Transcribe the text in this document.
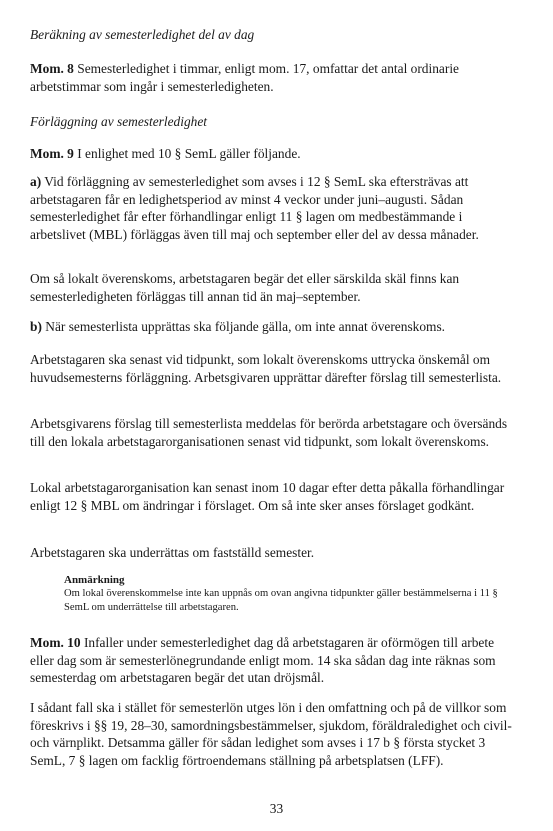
Beräkning av semesterledighet del av dag

Mom. 8 Semesterledighet i timmar, enligt mom. 17, omfattar det antal ordinarie arbetstimmar som ingår i semesterledigheten.

Förläggning av semesterledighet

Mom. 9 I enlighet med 10 § SemL gäller följande.

a) Vid förläggning av semesterledighet som avses i 12 § SemL ska eftersträvas att arbetstagaren får en ledighetsperiod av minst 4 veckor under juni–augusti. Sådan semesterledighet får efter förhandlingar enligt 11 § lagen om medbestämmande i arbetslivet (MBL) förläggas även till maj och september eller del av dessa månader.

Om så lokalt överenskoms, arbetstagaren begär det eller särskilda skäl finns kan semesterledigheten förläggas till annan tid än maj–september.

b) När semesterlista upprättas ska följande gälla, om inte annat överenskoms.

Arbetstagaren ska senast vid tidpunkt, som lokalt överenskoms uttrycka önskemål om huvudsemesterns förläggning. Arbetsgivaren upprättar därefter förslag till semesterlista.

Arbetsgivarens förslag till semesterlista meddelas för berörda arbetstagare och översänds till den lokala arbetstagarorganisationen senast vid tidpunkt, som lokalt överenskoms.

Lokal arbetstagarorganisation kan senast inom 10 dagar efter detta påkalla förhandlingar enligt 12 § MBL om ändringar i förslaget. Om så inte sker anses förslaget godkänt.

Arbetstagaren ska underrättas om fastställd semester.

Anmärkning
Om lokal överenskommelse inte kan uppnås om ovan angivna tidpunkter gäller bestämmelserna i 11 § SemL om underrättelse till arbetstagaren.

Mom. 10 Infaller under semesterledighet dag då arbetstagaren är oförmögen till arbete eller dag som är semesterlönegrundande enligt mom. 14 ska sådan dag inte räknas som semesterdag om arbetstagaren begär det utan dröjsmål.

I sådant fall ska i stället för semesterlön utges lön i den omfattning och på de villkor som föreskrivs i §§ 19, 28–30, samordningsbestämmelser, sjukdom, föräldraledighet och civil- och värnplikt. Detsamma gäller för sådan ledighet som avses i 17 b § första stycket 3 SemL, 7 § lagen om facklig förtroendemans ställning på arbetsplatsen (LFF).

33
